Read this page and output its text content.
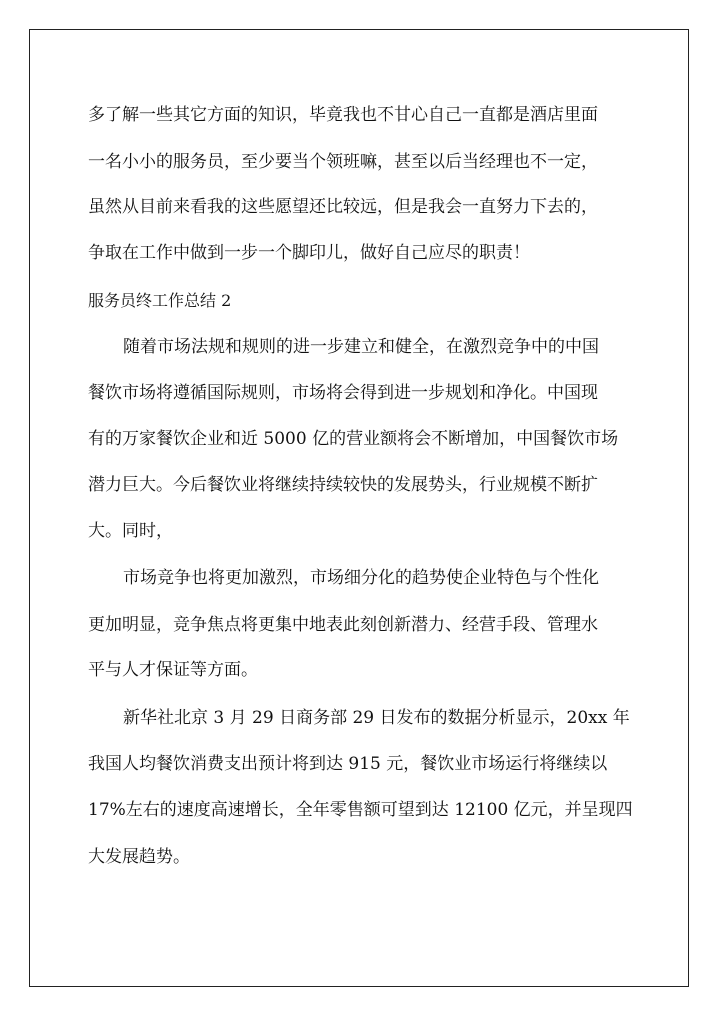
多了解一些其它方面的知识，毕竟我也不甘心自己一直都是酒店里面
一名小小的服务员，至少要当个领班嘛，甚至以后当经理也不一定，
虽然从目前来看我的这些愿望还比较远，但是我会一直努力下去的，
争取在工作中做到一步一个脚印儿，做好自己应尽的职责！
服务员终工作总结 2
随着市场法规和规则的进一步建立和健全，在激烈竞争中的中国
餐饮市场将遵循国际规则，市场将会得到进一步规划和净化。中国现
有的万家餐饮企业和近 5000 亿的营业额将会不断增加，中国餐饮市场
潜力巨大。今后餐饮业将继续持续较快的发展势头，行业规模不断扩
大。同时，
市场竞争也将更加激烈，市场细分化的趋势使企业特色与个性化
更加明显，竞争焦点将更集中地表此刻创新潜力、经营手段、管理水
平与人才保证等方面。
新华社北京 3 月 29 日商务部 29 日发布的数据分析显示，20xx 年
我国人均餐饮消费支出预计将到达 915 元，餐饮业市场运行将继续以
17%左右的速度高速增长，全年零售额可望到达 12100 亿元，并呈现四
大发展趋势。
